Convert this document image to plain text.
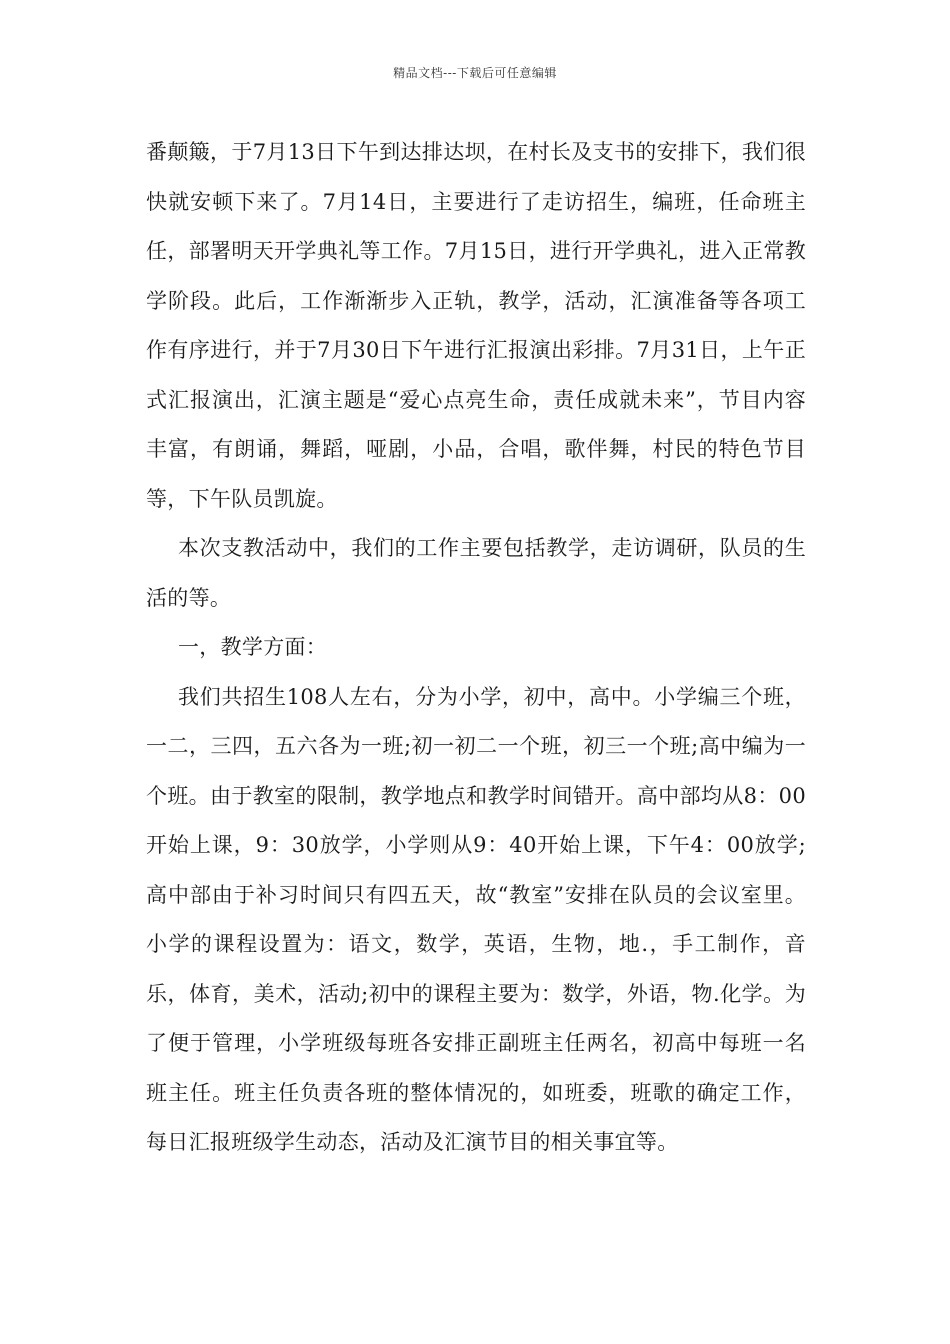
精品文档---下载后可任意编辑

番颠簸，于7月13日下午到达排达坝，在村长及支书的安排下，我们很快就安顿下来了。7月14日，主要进行了走访招生，编班，任命班主任，部署明天开学典礼等工作。7月15日，进行开学典礼，进入正常教学阶段。此后，工作渐渐步入正轨，教学，活动，汇演准备等各项工作有序进行，并于7月30日下午进行汇报演出彩排。7月31日，上午正式汇报演出，汇演主题是“爱心点亮生命，责任成就未来”，节目内容丰富，有朗诵，舞蹈，哑剧，小品，合唱，歌伴舞，村民的特色节目等，下午队员凯旋。

本次支教活动中，我们的工作主要包括教学，走访调研，队员的生活的等。

一，教学方面：

我们共招生108人左右，分为小学，初中，高中。小学编三个班，一二，三四，五六各为一班;初一初二一个班，初三一个班;高中编为一个班。由于教室的限制，教学地点和教学时间错开。高中部均从8：00开始上课，9：30放学，小学则从9：40开始上课，下午4：00放学;高中部由于补习时间只有四五天，故“教室”安排在队员的会议室里。小学的课程设置为：语文，数学，英语，生物，地.，手工制作，音乐，体育，美术，活动;初中的课程主要为：数学，外语，物.化学。为了便于管理，小学班级每班各安排正副班主任两名，初高中每班一名班主任。班主任负责各班的整体情况的，如班委，班歌的确定工作，每日汇报班级学生动态，活动及汇演节目的相关事宜等。
